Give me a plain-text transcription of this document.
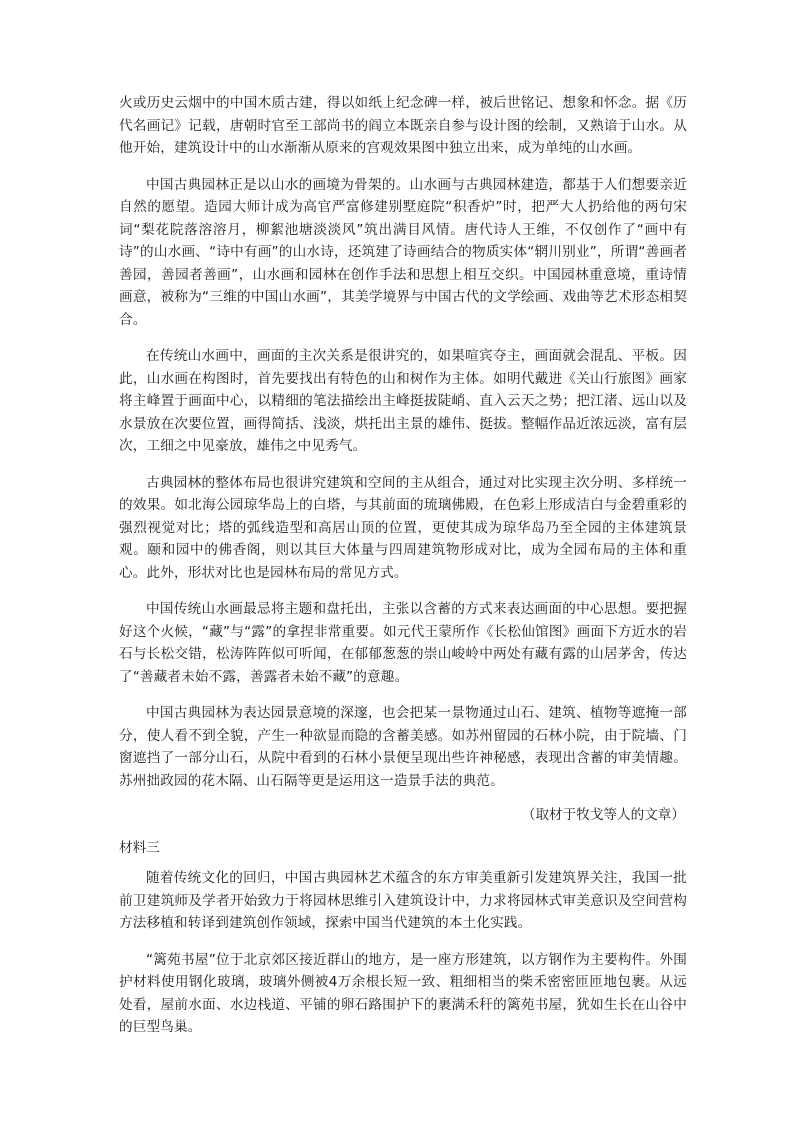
火或历史云烟中的中国木质古建，得以如纸上纪念碑一样，被后世铭记、想象和怀念。据《历代名画记》记载，唐朝时官至工部尚书的阎立本既亲自参与设计图的绘制，又熟谙于山水。从他开始，建筑设计中的山水渐渐从原来的宫观效果图中独立出来，成为单纯的山水画。

中国古典园林正是以山水的画境为骨架的。山水画与古典园林建造，都基于人们想要亲近自然的愿望。造园大师计成为高官严富修建别墅庭院“积香炉”时，把严大人扔给他的两句宋词“梨花院落溶溶月，柳絮池塘淡淡风”筑出满目风情。唐代诗人王维，不仅创作了“画中有诗”的山水画、“诗中有画”的山水诗，还筑建了诗画结合的物质实体“辋川别业”，所谓“善画者善园，善园者善画”，山水画和园林在创作手法和思想上相互交织。中国园林重意境，重诗情画意，被称为“三维的中国山水画”，其美学境界与中国古代的文学绘画、戏曲等艺术形态相契合。

在传统山水画中，画面的主次关系是很讲究的，如果喧宾夺主，画面就会混乱、平板。因此，山水画在构图时，首先要找出有特色的山和树作为主体。如明代戴进《关山行旅图》画家将主峰置于画面中心，以精细的笔法描绘出主峰挺拔陡峭、直入云天之势；把江渚、远山以及水景放在次要位置，画得简括、浅淡，烘托出主景的雄伟、挺拔。整幅作品近浓远淡，富有层次，工细之中见豪放，雄伟之中见秀气。

古典园林的整体布局也很讲究建筑和空间的主从组合，通过对比实现主次分明、多样统一的效果。如北海公园琼华岛上的白塔，与其前面的琉璃佛殿，在色彩上形成洁白与金碧重彩的强烈视觉对比；塔的弧线造型和高居山顶的位置，更使其成为琼华岛乃至全园的主体建筑景观。颐和园中的佛香阁，则以其巨大体量与四周建筑物形成对比，成为全园布局的主体和重心。此外，形状对比也是园林布局的常见方式。

中国传统山水画最忌将主题和盘托出，主张以含蓄的方式来表达画面的中心思想。要把握好这个火候，“藏”与“露”的拿捏非常重要。如元代王蒙所作《长松仙馆图》画面下方近水的岩石与长松交错，松涛阵阵似可听闻，在郁郁葱葱的崇山峻岭中两处有藏有露的山居茅舍，传达了“善藏者未始不露，善露者未始不藏”的意趣。

中国古典园林为表达园景意境的深邃，也会把某一景物通过山石、建筑、植物等遮掩一部分，使人看不到全貌，产生一种欲显而隐的含蓄美感。如苏州留园的石林小院，由于院墙、门窗遮挡了一部分山石，从院中看到的石林小景便呈现出些许神秘感，表现出含蓄的审美情趣。苏州拙政园的花木隔、山石隔等更是运用这一造景手法的典范。

（取材于牧戈等人的文章）

材料三

随着传统文化的回归，中国古典园林艺术蕴含的东方审美重新引发建筑界关注，我国一批前卫建筑师及学者开始致力于将园林思维引入建筑设计中，力求将园林式审美意识及空间营构方法移植和转译到建筑创作领域，探索中国当代建筑的本土化实践。

“篱苑书屋”位于北京郊区接近群山的地方，是一座方形建筑，以方钢作为主要构件。外围护材料使用钢化玻璃，玻璃外侧被4万余根长短一致、粗细相当的柴禾密密匝匝地包裹。从远处看，屋前水面、水边栈道、平铺的卵石路围护下的裹满禾秆的篱苑书屋，犹如生长在山谷中的巨型鸟巢。
